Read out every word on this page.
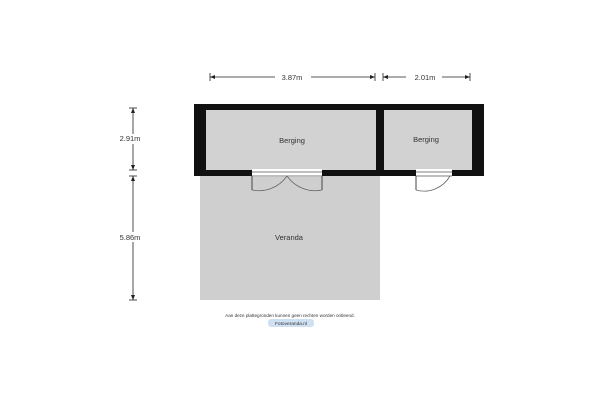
3.87m	2.01m
2.91m
5.86m
Berging	Berging
Veranda
Aan deze plattegronden kunnen geen rechten worden ontleend.
Fotoveranda.nl
